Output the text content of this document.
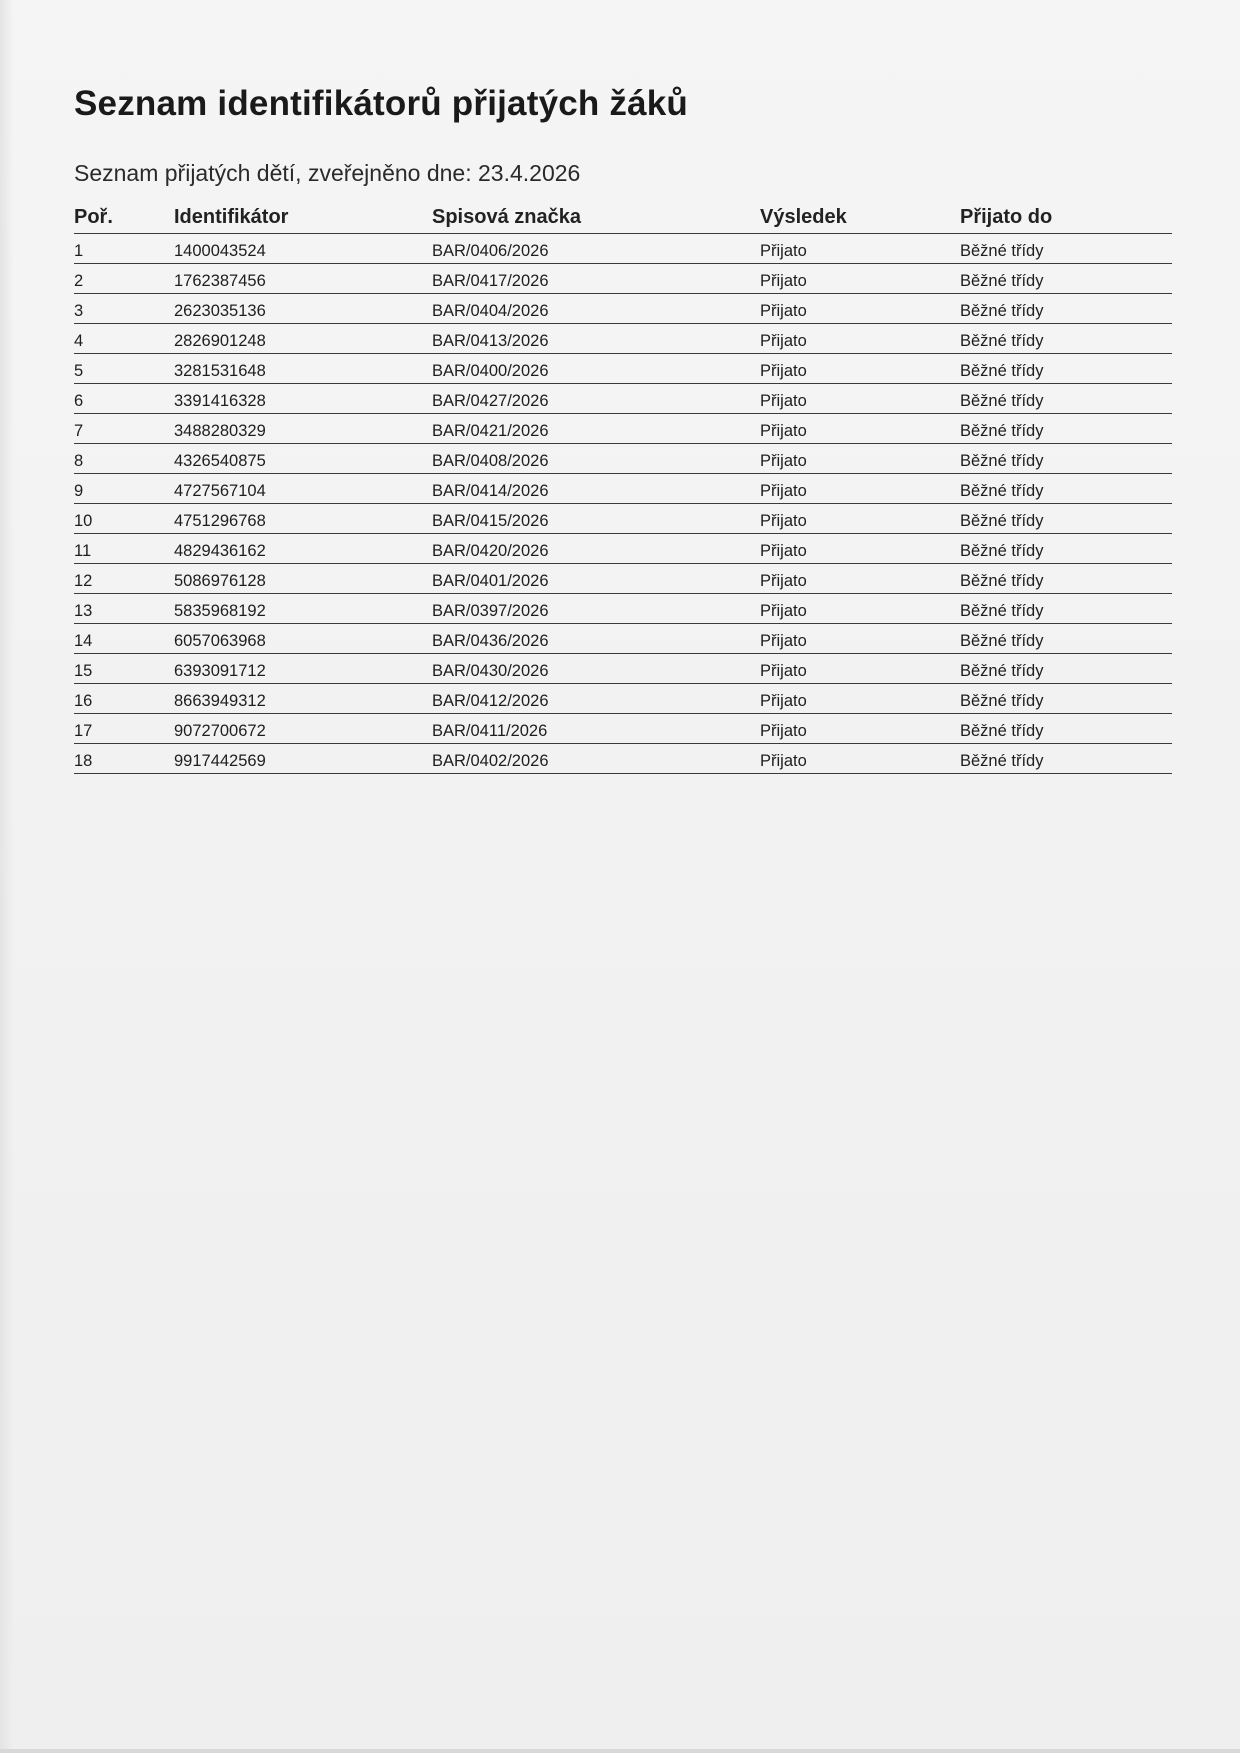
Seznam identifikátorů přijatých žáků

Seznam přijatých dětí, zveřejněno dne: 23.4.2026

Poř.	Identifikátor	Spisová značka	Výsledek	Přijato do
1	1400043524	BAR/0406/2026	Přijato	Běžné třídy
2	1762387456	BAR/0417/2026	Přijato	Běžné třídy
3	2623035136	BAR/0404/2026	Přijato	Běžné třídy
4	2826901248	BAR/0413/2026	Přijato	Běžné třídy
5	3281531648	BAR/0400/2026	Přijato	Běžné třídy
6	3391416328	BAR/0427/2026	Přijato	Běžné třídy
7	3488280329	BAR/0421/2026	Přijato	Běžné třídy
8	4326540875	BAR/0408/2026	Přijato	Běžné třídy
9	4727567104	BAR/0414/2026	Přijato	Běžné třídy
10	4751296768	BAR/0415/2026	Přijato	Běžné třídy
11	4829436162	BAR/0420/2026	Přijato	Běžné třídy
12	5086976128	BAR/0401/2026	Přijato	Běžné třídy
13	5835968192	BAR/0397/2026	Přijato	Běžné třídy
14	6057063968	BAR/0436/2026	Přijato	Běžné třídy
15	6393091712	BAR/0430/2026	Přijato	Běžné třídy
16	8663949312	BAR/0412/2026	Přijato	Běžné třídy
17	9072700672	BAR/0411/2026	Přijato	Běžné třídy
18	9917442569	BAR/0402/2026	Přijato	Běžné třídy
